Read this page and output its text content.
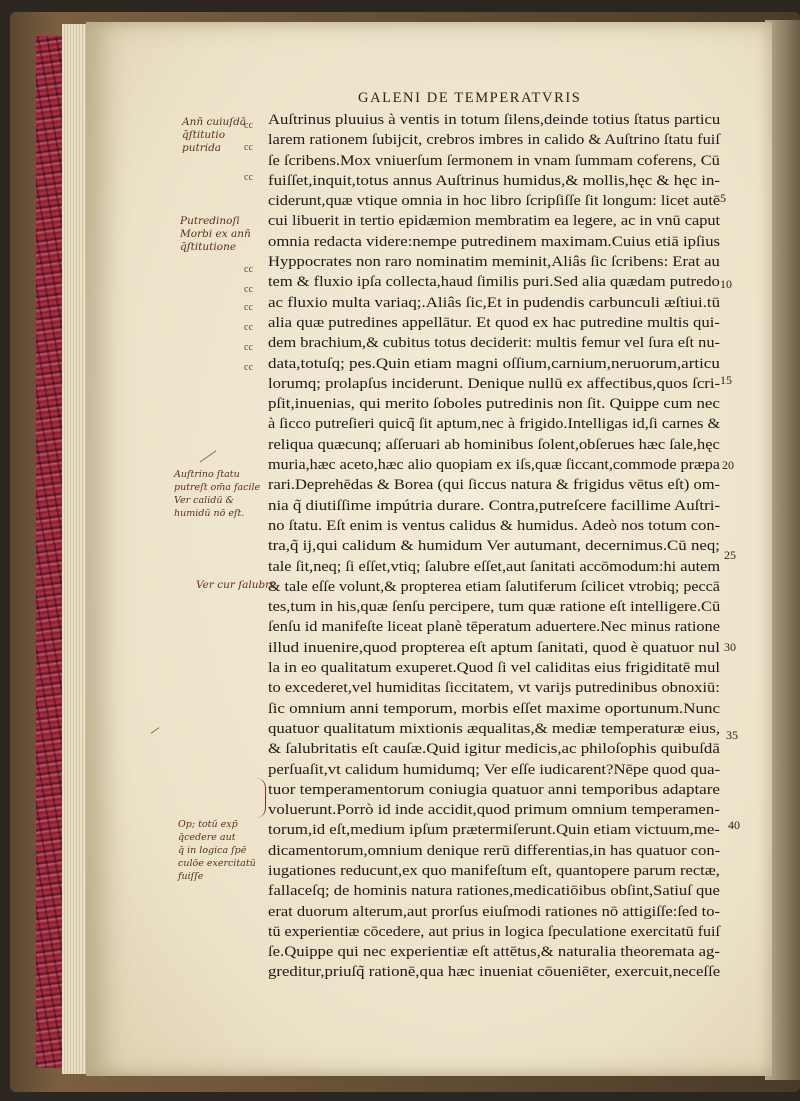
GALENI DE TEMPERATVRIS
Auſtrinus pluuius à ventis in totum ſilens,deinde totius ſtatus particu
larem rationem ſubijcit, crebros imbres in calido & Auſtrino ſtatu fuiſ
ſe ſcribens.Mox vniuerſum ſermonem in vnam ſummam coferens, Cū
fuiſſet,inquit,totus annus Auſtrinus humidus,& mollis,hęc & hęc in-
ciderunt,quæ vtique omnia in hoc libro ſcripſiſſe ſit longum: licet autē
cui libuerit in tertio epidæmion membratim ea legere, ac in vnū caput
omnia redacta videre:nempe putredinem maximam.Cuius etiā ipſius
Hyppocrates non raro nominatim meminit,Aliâs ſic ſcribens: Erat au
tem & fluxio ipſa collecta,haud ſimilis puri.Sed alia quædam putredo
ac fluxio multa variaq;.Aliâs ſic,Et in pudendis carbunculi æſtiui.tū
alia quæ putredines appellātur. Et quod ex hac putredine multis qui-
dem brachium,& cubitus totus deciderit: multis femur vel ſura eſt nu-
data,totuſq; pes.Quin etiam magni oſſium,carnium,neruorum,articu
lorumq; prolapſus inciderunt. Denique nullū ex affectibus,quos ſcri-
pſit,inuenias, qui merito ſoboles putredinis non ſit. Quippe cum nec
à ſicco putreſieri quicq̃ ſit aptum,nec à frigido.Intelligas id,ſi carnes &
reliqua quæcunq; aſſeruari ab hominibus ſolent,obſerues hæc ſale,hęc
muria,hæc aceto,hæc alio quopiam ex iſs,quæ ſiccant,commode præpa
rari.Deprehēdas & Borea (qui ſiccus natura & frigidus vētus eſt) om-
nia q̃ diutiſſime impútria durare. Contra,putreſcere facillime Auſtri-
no ſtatu. Eſt enim is ventus calidus & humidus. Adeò nos totum con-
tra,q̃ ij,qui calidum & humidum Ver autumant, decernimus.Cū neq;
tale ſit,neq; ſi eſſet,vtiq; ſalubre eſſet,aut ſanitati accōmodum:hi autem
& tale eſſe volunt,& propterea etiam ſalutiferum ſcilicet vtrobiq; peccā
tes,tum in his,quæ ſenſu percipere, tum quæ ratione eſt intelligere.Cū
ſenſu id manifeſte liceat planè tēperatum aduertere.Nec minus ratione
illud inuenire,quod propterea eſt aptum ſanitati, quod è quatuor nul
la in eo qualitatum exuperet.Quod ſi vel caliditas eius frigiditatē mul
to excederet,vel humiditas ſiccitatem, vt varijs putredinibus obnoxiū:
ſic omnium anni temporum, morbis eſſet maxime oportunum.Nunc
quatuor qualitatum mixtionis æqualitas,& mediæ temperaturæ eius,
& ſalubritatis eſt cauſæ.Quid igitur medicis,ac philoſophis quibuſdā
perſuaſit,vt calidum humidumq; Ver eſſe iudicarent?Nēpe quod qua-
tuor temperamentorum coniugia quatuor anni temporibus adaptare
voluerunt.Porrò id inde accidit,quod primum omnium temperamen-
torum,id eſt,medium ipſum prætermiſerunt.Quin etiam victuum,me-
dicamentorum,omnium denique rerū differentias,in has quatuor con-
iugationes reducunt,ex quo manifeſtum eſt, quantopere parum rectæ,
fallaceſq; de hominis natura rationes,medicatiōibus obſint,Satiuſ que
erat duorum alterum,aut prorſus eiuſmodi rationes nō attigiſſe:ſed to-
tū experientiæ cōcedere, aut prius in logica ſpeculatione exercitatū fuiſ
ſe.Quippe qui nec experientiæ eſt attētus,& naturalia theoremata ag-
greditur,priuſq̃ rationē,qua hæc inueniat cōueniēter, exercuit,neceſſe
5
10
15
20
25
30
35
40
cc
cc
cc
cc
cc
cc
cc
cc
cc
Ann̄ cuiuſdā
q̄ſtitutio
putrida
Putredinoſi
Morbi ex ann̄
q̄ſtitutione
Auſtrino ſtatu
putreſt om̄a facile
Ver calidū &
humidū nō eſt.
Ver cur ſalubre
Op; totū exp̄
q̄cedere aut
q̄ in logica ſpē
culōe exercitatū
fuiſſe
